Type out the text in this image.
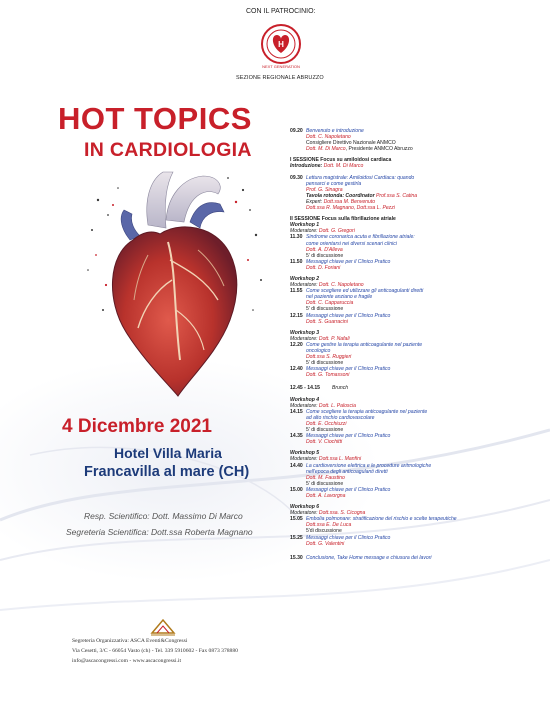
CON IL PATROCINIO:
H
NEXT GENERATION
SEZIONE REGIONALE ABRUZZO
HOT TOPICS
IN CARDIOLOGIA
4 Dicembre 2021
Hotel Villa Maria
Francavilla al mare (CH)
Resp. Scientifico: Dott. Massimo Di Marco
Segreteria Scientifica: Dott.ssa Roberta Magnano
Segreteria Organizzativa: ASCA Eventi&Congressi
Via Cesetti, 3/C - 66054 Vasto (ch) - Tel. 339 5910602 - Fax 0873 378880
info@ascacongressi.com - www.ascacongressi.it
09.20 Benvenuto e introduzione
Dott. C. Napoletano
Consigliere Direttivo Nazionale ANMCO
Dott. M. Di Marco, Presidente ANMCO Abruzzo
I SESSIONE Focus su amiloidosi cardiaca
Introduzione: Dott. M. Di Marco
09.30 Lettura magistrale: Amiloidosi Cardiaca: quando
pensarci e come gestirla
Prof. G. Sinagra
Tavola rotonda: Coordinator Prof.ssa S. Catina
Expert: Dott.ssa M. Benvenuto
Dott.ssa R. Magnano, Dott.ssa L. Pezzi
II SESSIONE Focus sulla fibrillazione atriale
Workshop 1
Moderatore: Dott. G. Gregori
11.30 Sindrome coronarica acuta e fibrillazione atriale:
come orientarsi nei diversi scenari clinici
Dott. A. D'Alleva
5' di discussione
11.50 Messaggi chiave per il Clinico Pratico
Dott. D. Foriani
Workshop 2
Moderatore: Dott. C. Napoletano
11.55 Come scegliere ed utilizzare gli anticoagulanti diretti
nel paziente anziano e fragile
Dott. C. Capparuccia
5' di discussione
12.15 Messaggi chiave per il Clinico Pratico
Dott. S. Guarracini
Workshop 3
Moderatore: Dott. P. Nafali
12.20 Come gestire la terapia anticoagulante nel paziente
oncologico
Dott.ssa S. Ruggieri
5' di discussione
12.40 Messaggi chiave per il Clinico Pratico
Dott. G. Tomassoni
12.45 - 14.15	Brunch
Workshop 4
Moderatore: Dott. L. Paloscia
14.15 Come scegliere la terapia anticoagulante nel paziente
ad alto rischio cardiovascolare
Dott. E. Occhiuzzi
5' di discussione
14.35 Messaggi chiave per il Clinico Pratico
Dott. V. Ciochitti
Workshop 5
Moderatore: Dott.ssa L. Manfini
14.40 La cardioversione elettrica e le procedure aritmologiche
nell'epoca degli anticoagulanti diretti
Dott. M. Faustino
5' di discussione
15.00 Messaggi chiave per il Clinico Pratico
Dott. A. Lavorgna
Workshop 6
Moderatore: Dott.ssa. S. Cicogna
15.05 Embolia polmonare: stratificazione del rischio e scelte terapeutiche
Dott.ssa E. De Luca
5'di discussione
15.25 Messaggi chiave per il Clinico Pratico
Dott. G. Valentini
15.30 Conclusione, Take Home message e chiusura dei lavori
